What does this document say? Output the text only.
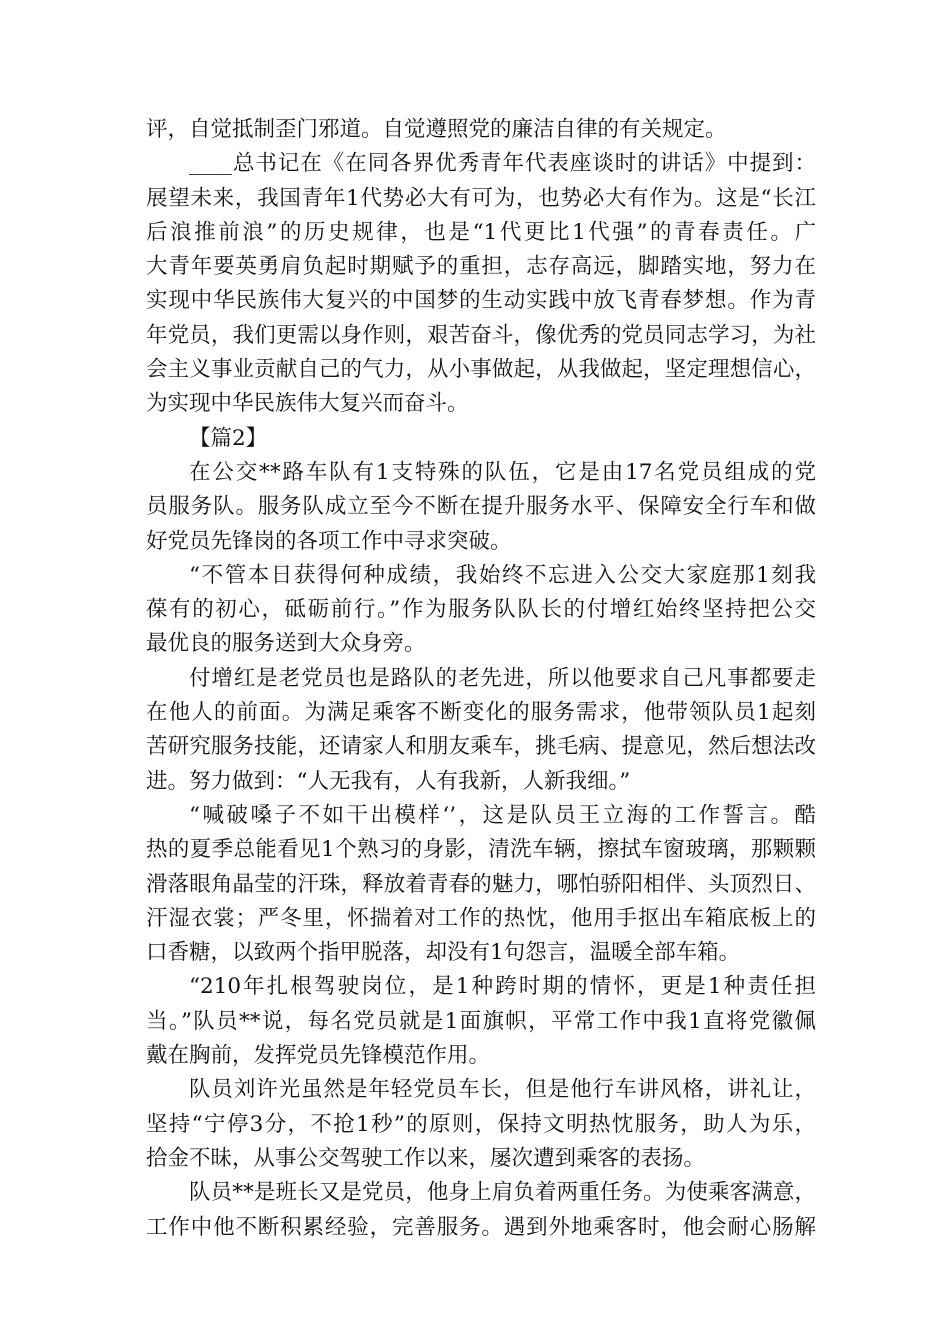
评，自觉抵制歪门邪道。自觉遵照党的廉洁自律的有关规定。
____总书记在《在同各界优秀青年代表座谈时的讲话》中提到：
展望未来，我国青年1代势必大有可为，也势必大有作为。这是“长江
后浪推前浪”的历史规律，也是“1代更比1代强”的青春责任。广
大青年要英勇肩负起时期赋予的重担，志存高远，脚踏实地，努力在
实现中华民族伟大复兴的中国梦的生动实践中放飞青春梦想。作为青
年党员，我们更需以身作则，艰苦奋斗，像优秀的党员同志学习，为社
会主义事业贡献自己的气力，从小事做起，从我做起，坚定理想信心，
为实现中华民族伟大复兴而奋斗。
【篇2】
在公交**路车队有1支特殊的队伍，它是由17名党员组成的党
员服务队。服务队成立至今不断在提升服务水平、保障安全行车和做
好党员先锋岗的各项工作中寻求突破。
“不管本日获得何种成绩，我始终不忘进入公交大家庭那1刻我
葆有的初心，砥砺前行。”作为服务队队长的付增红始终坚持把公交
最优良的服务送到大众身旁。
付增红是老党员也是路队的老先进，所以他要求自己凡事都要走
在他人的前面。为满足乘客不断变化的服务需求，他带领队员1起刻
苦研究服务技能，还请家人和朋友乘车，挑毛病、提意见，然后想法改
进。努力做到：“人无我有，人有我新，人新我细。”
“喊破嗓子不如干出模样‘’，这是队员王立海的工作誓言。酷
热的夏季总能看见1个熟习的身影，清洗车辆，擦拭车窗玻璃，那颗颗
滑落眼角晶莹的汗珠，释放着青春的魅力，哪怕骄阳相伴、头顶烈日、
汗湿衣裳；严冬里，怀揣着对工作的热忱，他用手抠出车箱底板上的
口香糖，以致两个指甲脱落，却没有1句怨言，温暖全部车箱。
“210年扎根驾驶岗位，是1种跨时期的情怀，更是1种责任担
当。”队员**说，每名党员就是1面旗帜，平常工作中我1直将党徽佩
戴在胸前，发挥党员先锋模范作用。
队员刘许光虽然是年轻党员车长，但是他行车讲风格，讲礼让，
坚持“宁停3分，不抢1秒”的原则，保持文明热忱服务，助人为乐，
拾金不昧，从事公交驾驶工作以来，屡次遭到乘客的表扬。
队员**是班长又是党员，他身上肩负着两重任务。为使乘客满意，
工作中他不断积累经验，完善服务。遇到外地乘客时，他会耐心肠解
